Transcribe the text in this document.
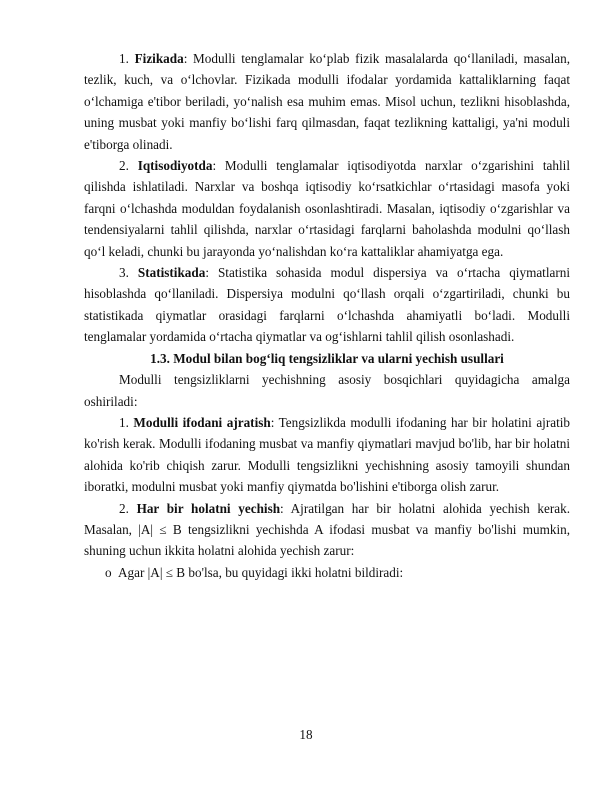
1. Fizikada: Modulli tenglamalar ko‘plab fizik masalalarda qo‘llaniladi, masalan, tezlik, kuch, va o‘lchovlar. Fizikada modulli ifodalar yordamida kattaliklarning faqat o‘lchamiga e'tibor beriladi, yo‘nalish esa muhim emas. Misol uchun, tezlikni hisoblashda, uning musbat yoki manfiy bo‘lishi farq qilmasdan, faqat tezlikning kattaligi, ya'ni moduli e'tiborga olinadi.

2. Iqtisodiyotda: Modulli tenglamalar iqtisodiyotda narxlar o‘zgarishini tahlil qilishda ishlatiladi. Narxlar va boshqa iqtisodiy ko‘rsatkichlar o‘rtasidagi masofa yoki farqni o‘lchashda moduldan foydalanish osonlashtiradi. Masalan, iqtisodiy o‘zgarishlar va tendensiyalarni tahlil qilishda, narxlar o‘rtasidagi farqlarni baholashda modulni qo‘llash qo‘l keladi, chunki bu jarayonda yo‘nalishdan ko‘ra kattaliklar ahamiyatga ega.

3. Statistikada: Statistika sohasida modul dispersiya va o‘rtacha qiymatlarni hisoblashda qo‘llaniladi. Dispersiya modulni qo‘llash orqali o‘zgartiriladi, chunki bu statistikada qiymatlar orasidagi farqlarni o‘lchashda ahamiyatli bo‘ladi. Modulli tenglamalar yordamida o‘rtacha qiymatlar va og‘ishlarni tahlil qilish osonlashadi.

1.3. Modul bilan bog‘liq tengsizliklar va ularni yechish usullari

Modulli tengsizliklarni yechishning asosiy bosqichlari quyidagicha amalga oshiriladi:

1. Modulli ifodani ajratish: Tengsizlikda modulli ifodaning har bir holatini ajratib ko'rish kerak. Modulli ifodaning musbat va manfiy qiymatlari mavjud bo'lib, har bir holatni alohida ko'rib chiqish zarur. Modulli tengsizlikni yechishning asosiy tamoyili shundan iboratki, modulni musbat yoki manfiy qiymatda bo'lishini e'tiborga olish zarur.

2. Har bir holatni yechish: Ajratilgan har bir holatni alohida yechish kerak. Masalan, |A| ≤ B tengsizlikni yechishda A ifodasi musbat va manfiy bo'lishi mumkin, shuning uchun ikkita holatni alohida yechish zarur:

o Agar |A| ≤ B bo'lsa, bu quyidagi ikki holatni bildiradi:

18
